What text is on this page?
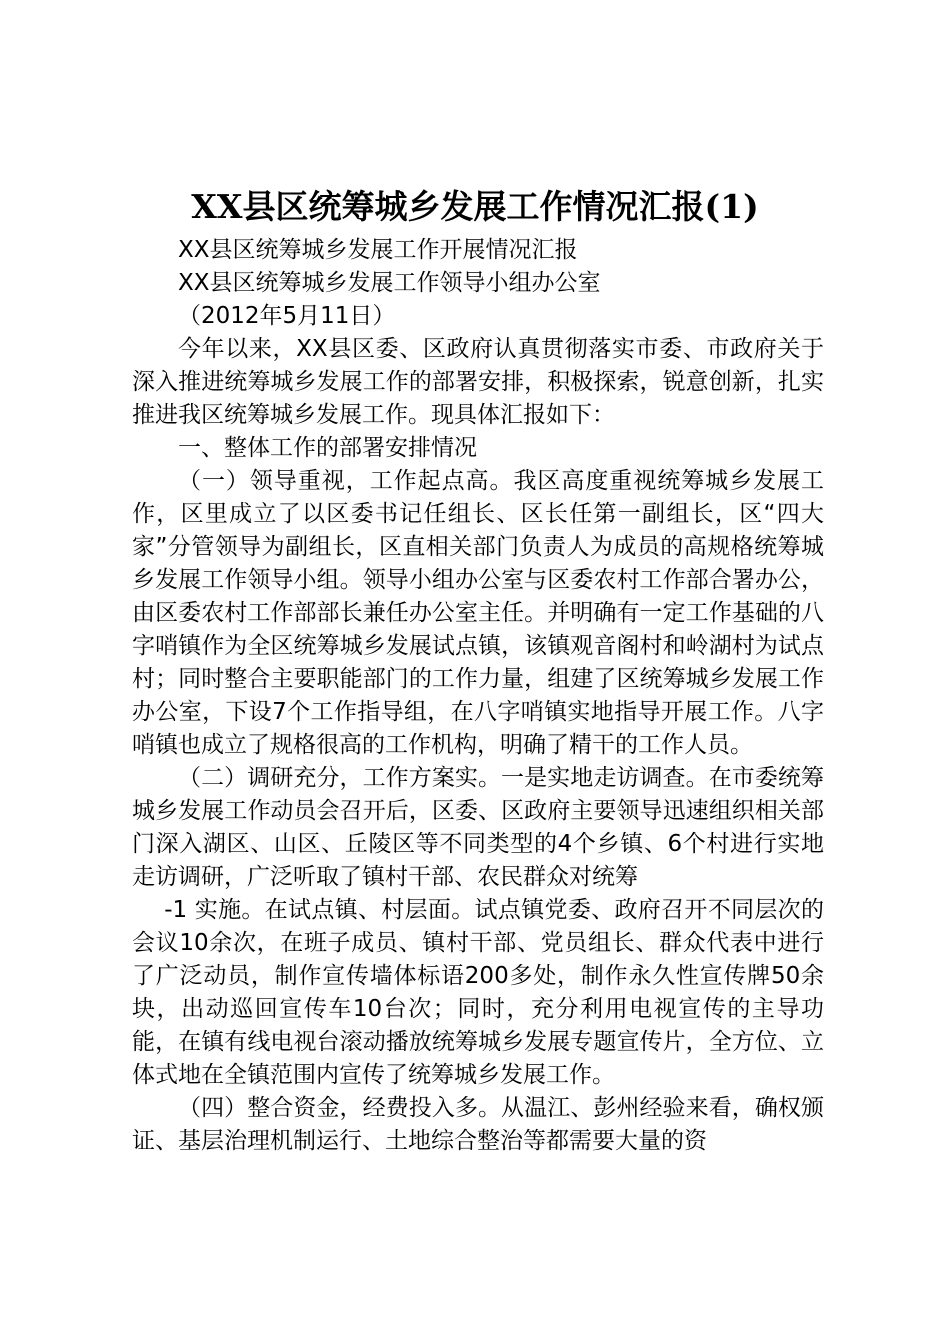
XX县区统筹城乡发展工作情况汇报(1)

XX县区统筹城乡发展工作开展情况汇报

XX县区统筹城乡发展工作领导小组办公室

（2012年5月11日）

今年以来，XX县区委、区政府认真贯彻落实市委、市政府关于深入推进统筹城乡发展工作的部署安排，积极探索，锐意创新，扎实推进我区统筹城乡发展工作。现具体汇报如下：

一、整体工作的部署安排情况

（一）领导重视，工作起点高。我区高度重视统筹城乡发展工作，区里成立了以区委书记任组长、区长任第一副组长，区“四大家”分管领导为副组长，区直相关部门负责人为成员的高规格统筹城乡发展工作领导小组。领导小组办公室与区委农村工作部合署办公，由区委农村工作部部长兼任办公室主任。并明确有一定工作基础的八字哨镇作为全区统筹城乡发展试点镇，该镇观音阁村和岭湖村为试点村；同时整合主要职能部门的工作力量，组建了区统筹城乡发展工作办公室，下设7个工作指导组，在八字哨镇实地指导开展工作。八字哨镇也成立了规格很高的工作机构，明确了精干的工作人员。

（二）调研充分，工作方案实。一是实地走访调查。在市委统筹城乡发展工作动员会召开后，区委、区政府主要领导迅速组织相关部门深入湖区、山区、丘陵区等不同类型的4个乡镇、6个村进行实地走访调研，广泛听取了镇村干部、农民群众对统筹

-1 实施。在试点镇、村层面。试点镇党委、政府召开不同层次的会议10余次，在班子成员、镇村干部、党员组长、群众代表中进行了广泛动员，制作宣传墙体标语200多处，制作永久性宣传牌50余块，出动巡回宣传车10台次；同时，充分利用电视宣传的主导功能，在镇有线电视台滚动播放统筹城乡发展专题宣传片，全方位、立体式地在全镇范围内宣传了统筹城乡发展工作。

（四）整合资金，经费投入多。从温江、彭州经验来看，确权颁证、基层治理机制运行、土地综合整治等都需要大量的资
